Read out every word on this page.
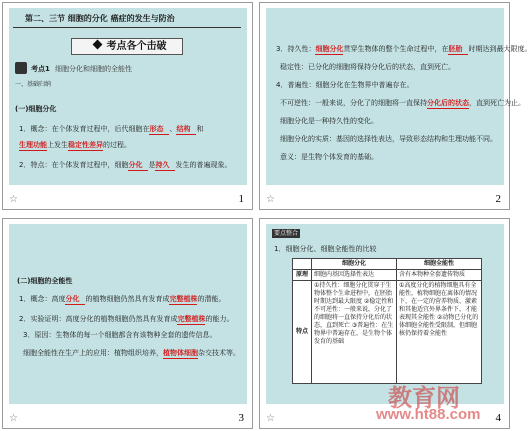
第二、三节 细胞的分化 癌症的发生与防治
考点各个击破
考点1 细胞分化和细胞的全能性
一、基础归纳
(一)细胞分化
1．概念：在个体发育过程中，后代细胞在形态 、结构 和
生理功能上发生稳定性差异的过程。
2．特点：在个体发育过程中，细胞分化 是持久 发生的普遍现象。
☆	1
3．持久性：细胞分化贯穿生物体的整个生命过程中，在胚胎 时期达到最大限度。
稳定性：已分化的细胞将保持分化后的状态，直到死亡。
4．普遍性：细胞分化在生物界中普遍存在。
不可逆性：一般来说，分化了的细胞将一直保持分化后的状态，直到死亡为止。
细胞分化是一种持久性的变化。
细胞分化的实质：基因的选择性表达，导致形态结构和生理功能不同。
意义：是生物个体发育的基础。
☆	2
(二)细胞的全能性
1．概念：高度分化 的植物细胞仍然具有发育成完整植株的潜能。
2．实验证明：高度分化的植物细胞仍然具有发育成完整植株的能力。
3．原因：生物体的每一个细胞都含有该物种全套的遗传信息。
细胞全能性在生产上的应用：植物组织培养，植物体细胞杂交技术等。
☆	3
要点整合
1．细胞分化、细胞全能性的比较
	细胞分化	细胞全能性
原理	细胞内基因选择性表达	含有本物种全套遗传物质
特点	①持久性：细胞分化贯穿于生物体整个生命进程中，在胚胎时期达到最大限度 ②稳定性和不可逆性：一般来说，分化了的细胞将一直保持分化后的状态，直到死亡 ③普遍性：在生物界中普遍存在，是生物个体发育的基础	①高度分化的植物细胞具有全能性，植物细胞在离体的情况下，在一定的营养物质、激素和其他适宜外界条件下，才能表现其全能性 ②动物已分化的体细胞全能性受限制，但细胞核仍保持着全能性
☆	4
教育网
www.ht88.com
